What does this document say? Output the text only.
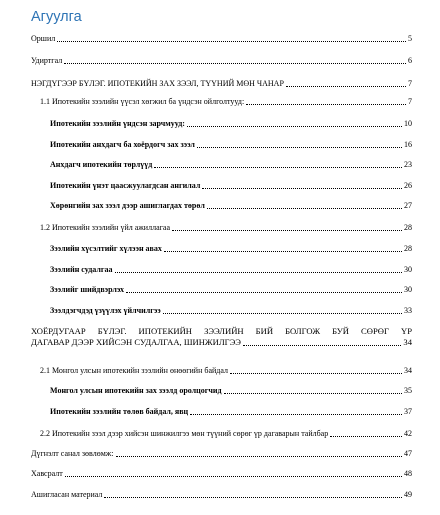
Агуулга
Оршил	5
Удиртгал	6
НЭГДҮГЭЭР БҮЛЭГ. ИПОТЕКИЙН ЗАХ ЗЭЭЛ, ТҮҮНИЙ МӨН ЧАНАР	7
1.1 Ипотекийн зээлийн үүсэл хөгжил ба үндсэн ойлголтууд:	7
Ипотекийн зээлийн үндсэн зарчмууд:	10
Ипотекийн анхдагч ба хоёрдогч зах зээл	16
Анхдагч ипотекийн төрлүүд	23
Ипотекийн үнэт цаасжуулагдсан ангилал	26
Хөрөнгийн зах зээл дээр ашиглагдах төрөл	27
1.2 Ипотекийн зээлийн үйл ажиллагаа	28
Зээлийн хүсэлтийг хүлээн авах	28
Зээлийн судалгаа	30
Зээлийг шийдвэрлэх	30
Зээлдэгчдэд үзүүлэх үйлчилгээ	33
ХОЁРДУГААР БҮЛЭГ. ИПОТЕКИЙН ЗЭЭЛИЙН БИЙ БОЛГОЖ БУЙ СӨРӨГ ҮР
ДАГАВАР ДЭЭР ХИЙСЭН СУДАЛГАА, ШИНЖИЛГЭЭ	34
2.1 Монгол улсын ипотекийн зээлийн өнөөгийн байдал	34
Монгол улсын ипотекийн зах зээлд оролцогчид	35
Ипотекийн зээлийн төлөв байдал, явц	37
2.2 Ипотекийн зээл дээр хийсэн шинжилгээ мөн түүний сөрөг үр дагаварын тайлбар	42
Дүгнэлт санал зөвлөмж:	47
Хавсралт	48
Ашигласан материал	49
